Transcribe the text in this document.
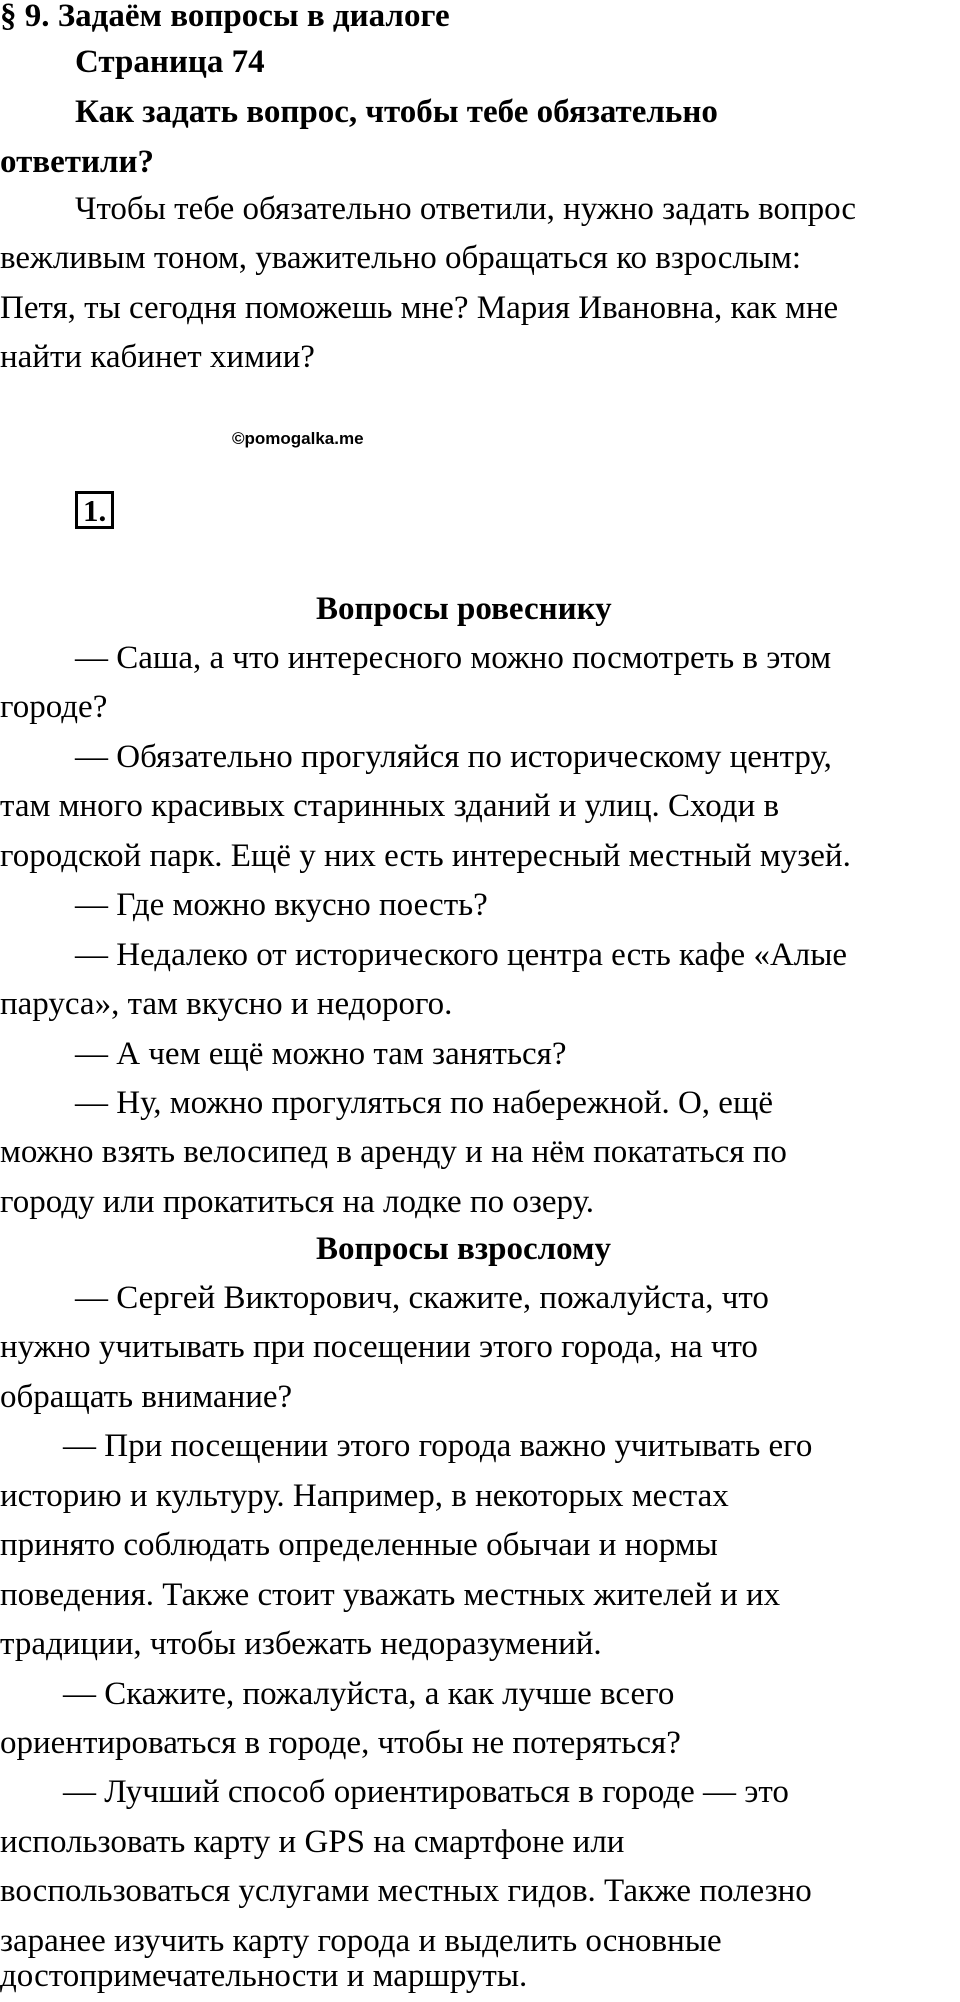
§ 9. Задаём вопросы в диалоге
Страница 74
Как задать вопрос, чтобы тебе обязательно
ответили?
Чтобы тебе обязательно ответили, нужно задать вопрос
вежливым тоном, уважительно обращаться ко взрослым:
Петя, ты сегодня поможешь мне? Мария Ивановна, как мне
найти кабинет химии?
©pomogalka.me
1.
Вопросы ровеснику
— Саша, а что интересного можно посмотреть в этом
городе?
— Обязательно прогуляйся по историческому центру,
там много красивых старинных зданий и улиц. Сходи в
городской парк. Ещё у них есть интересный местный музей.
— Где можно вкусно поесть?
— Недалеко от исторического центра есть кафе «Алые
паруса», там вкусно и недорого.
— А чем ещё можно там заняться?
— Ну, можно прогуляться по набережной. О, ещё
можно взять велосипед в аренду и на нём покататься по
городу или прокатиться на лодке по озеру.
Вопросы взрослому
— Сергей Викторович, скажите, пожалуйста, что
нужно учитывать при посещении этого города, на что
обращать внимание?
— При посещении этого города важно учитывать его
историю и культуру. Например, в некоторых местах
принято соблюдать определенные обычаи и нормы
поведения. Также стоит уважать местных жителей и их
традиции, чтобы избежать недоразумений.
— Скажите, пожалуйста, а как лучше всего
ориентироваться в городе, чтобы не потеряться?
— Лучший способ ориентироваться в городе — это
использовать карту и GPS на смартфоне или
воспользоваться услугами местных гидов. Также полезно
заранее изучить карту города и выделить основные
достопримечательности и маршруты.
